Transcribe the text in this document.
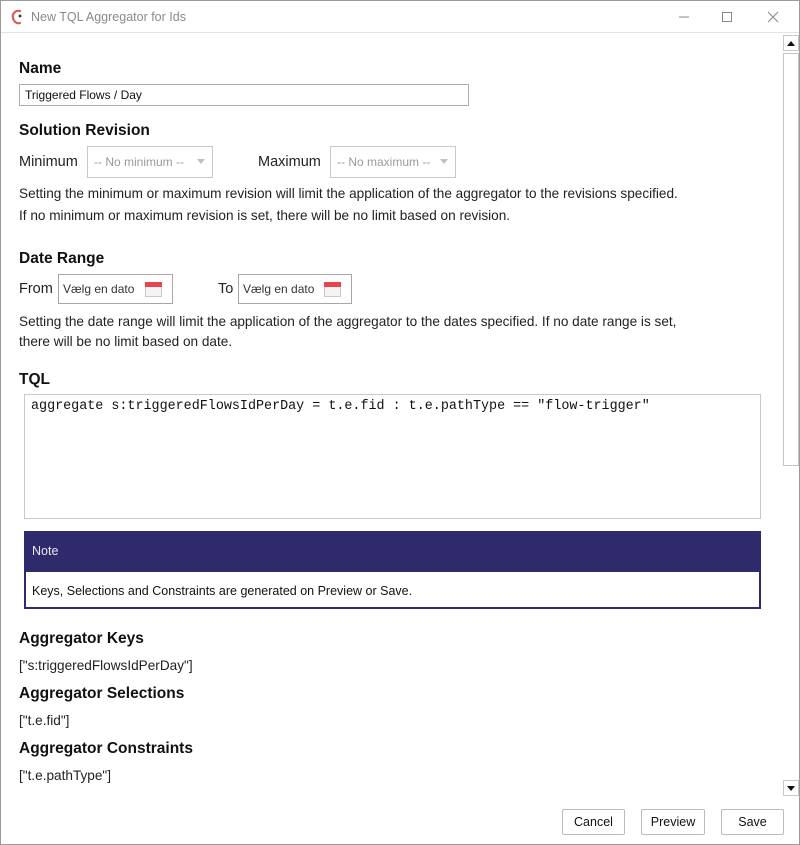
New TQL Aggregator for Ids
Name
Triggered Flows / Day
Solution Revision
Minimum	-- No minimum --	Maximum	-- No maximum --
Setting the minimum or maximum revision will limit the application of the aggregator to the revisions specified.
If no minimum or maximum revision is set, there will be no limit based on revision.
Date Range
From Vælg en dato	To Vælg en dato
Setting the date range will limit the application of the aggregator to the dates specified. If no date range is set,
there will be no limit based on date.
TQL
aggregate s:triggeredFlowsIdPerDay = t.e.fid : t.e.pathType == "flow-trigger"
Note
Keys, Selections and Constraints are generated on Preview or Save.
Aggregator Keys
["s:triggeredFlowsIdPerDay"]
Aggregator Selections
["t.e.fid"]
Aggregator Constraints
["t.e.pathType"]
Cancel	Preview	Save
